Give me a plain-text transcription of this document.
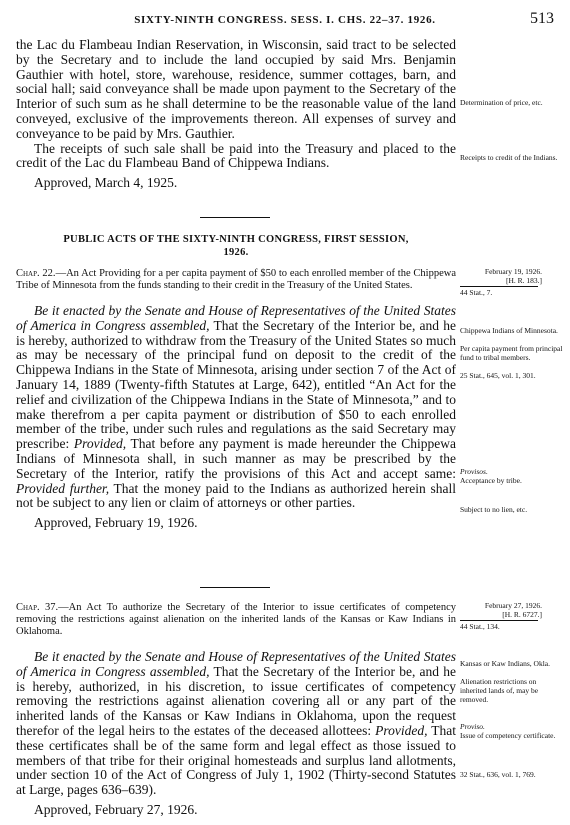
SIXTY-NINTH CONGRESS. SESS. I. CHS. 22–37. 1926.	513

the Lac du Flambeau Indian Reservation, in Wisconsin, said tract to be selected by the Secretary and to include the land occupied by said Mrs. Benjamin Gauthier with hotel, store, warehouse, residence, summer cottages, barn, and social hall; said conveyance shall be made upon payment to the Secretary of the Interior of such sum as he shall determine to be the reasonable value of the land conveyed, exclusive of the improvements thereon. All expenses of survey and conveyance to be paid by Mrs. Gauthier.

The receipts of such sale shall be paid into the Treasury and placed to the credit of the Lac du Flambeau Band of Chippewa Indians.

Approved, March 4, 1925.

Determination of price, etc.
Receipts to credit of the Indians.
PUBLIC ACTS OF THE SIXTY-NINTH CONGRESS, FIRST SESSION,
1926.

Chap. 22.—An Act Providing for a per capita payment of $50 to each enrolled member of the Chippewa Tribe of Minnesota from the funds standing to their credit in the Treasury of the United States.

Be it enacted by the Senate and House of Representatives of the United States of America in Congress assembled, That the Secretary of the Interior be, and he is hereby, authorized to withdraw from the Treasury of the United States so much as may be necessary of the principal fund on deposit to the credit of the Chippewa Indians in the State of Minnesota, arising under section 7 of the Act of January 14, 1889 (Twenty-fifth Statutes at Large, 642), entitled “An Act for the relief and civilization of the Chippewa Indians in the State of Minnesota,” and to make therefrom a per capita payment or distribution of $50 to each enrolled member of the tribe, under such rules and regulations as the said Secretary may prescribe: Provided, That before any payment is made hereunder the Chippewa Indians of Minnesota shall, in such manner as may be prescribed by the Secretary of the Interior, ratify the provisions of this Act and accept same: Provided further, That the money paid to the Indians as authorized herein shall not be subject to any lien or claim of attorneys or other parties.

Approved, February 19, 1926.

February 19, 1926.
[H. R. 183.]
44 Stat., 7.
Chippewa Indians of Minnesota.
Per capita payment from principal fund to tribal members.
25 Stat., 645, vol. 1, 301.
Provisos.
Acceptance by tribe.
Subject to no lien, etc.

Chap. 37.—An Act To authorize the Secretary of the Interior to issue certificates of competency removing the restrictions against alienation on the inherited lands of the Kansas or Kaw Indians in Oklahoma.

Be it enacted by the Senate and House of Representatives of the United States of America in Congress assembled, That the Secretary of the Interior be, and he is hereby, authorized, in his discretion, to issue certificates of competency removing the restrictions against alienation covering all or any part of the inherited lands of the Kansas or Kaw Indians in Oklahoma, upon the request therefor of the legal heirs to the estates of the deceased allottees: Provided, That these certificates shall be of the same form and legal effect as those issued to members of that tribe for their original homesteads and surplus land allotments, under section 10 of the Act of Congress of July 1, 1902 (Thirty-second Statutes at Large, pages 636–639).

Approved, February 27, 1926.

February 27, 1926.
[H. R. 6727.]
44 Stat., 134.
Kansas or Kaw Indians, Okla.
Alienation restrictions on inherited lands of, may be removed.
Proviso.
Issue of competency certificate.
32 Stat., 636, vol. 1, 769.
